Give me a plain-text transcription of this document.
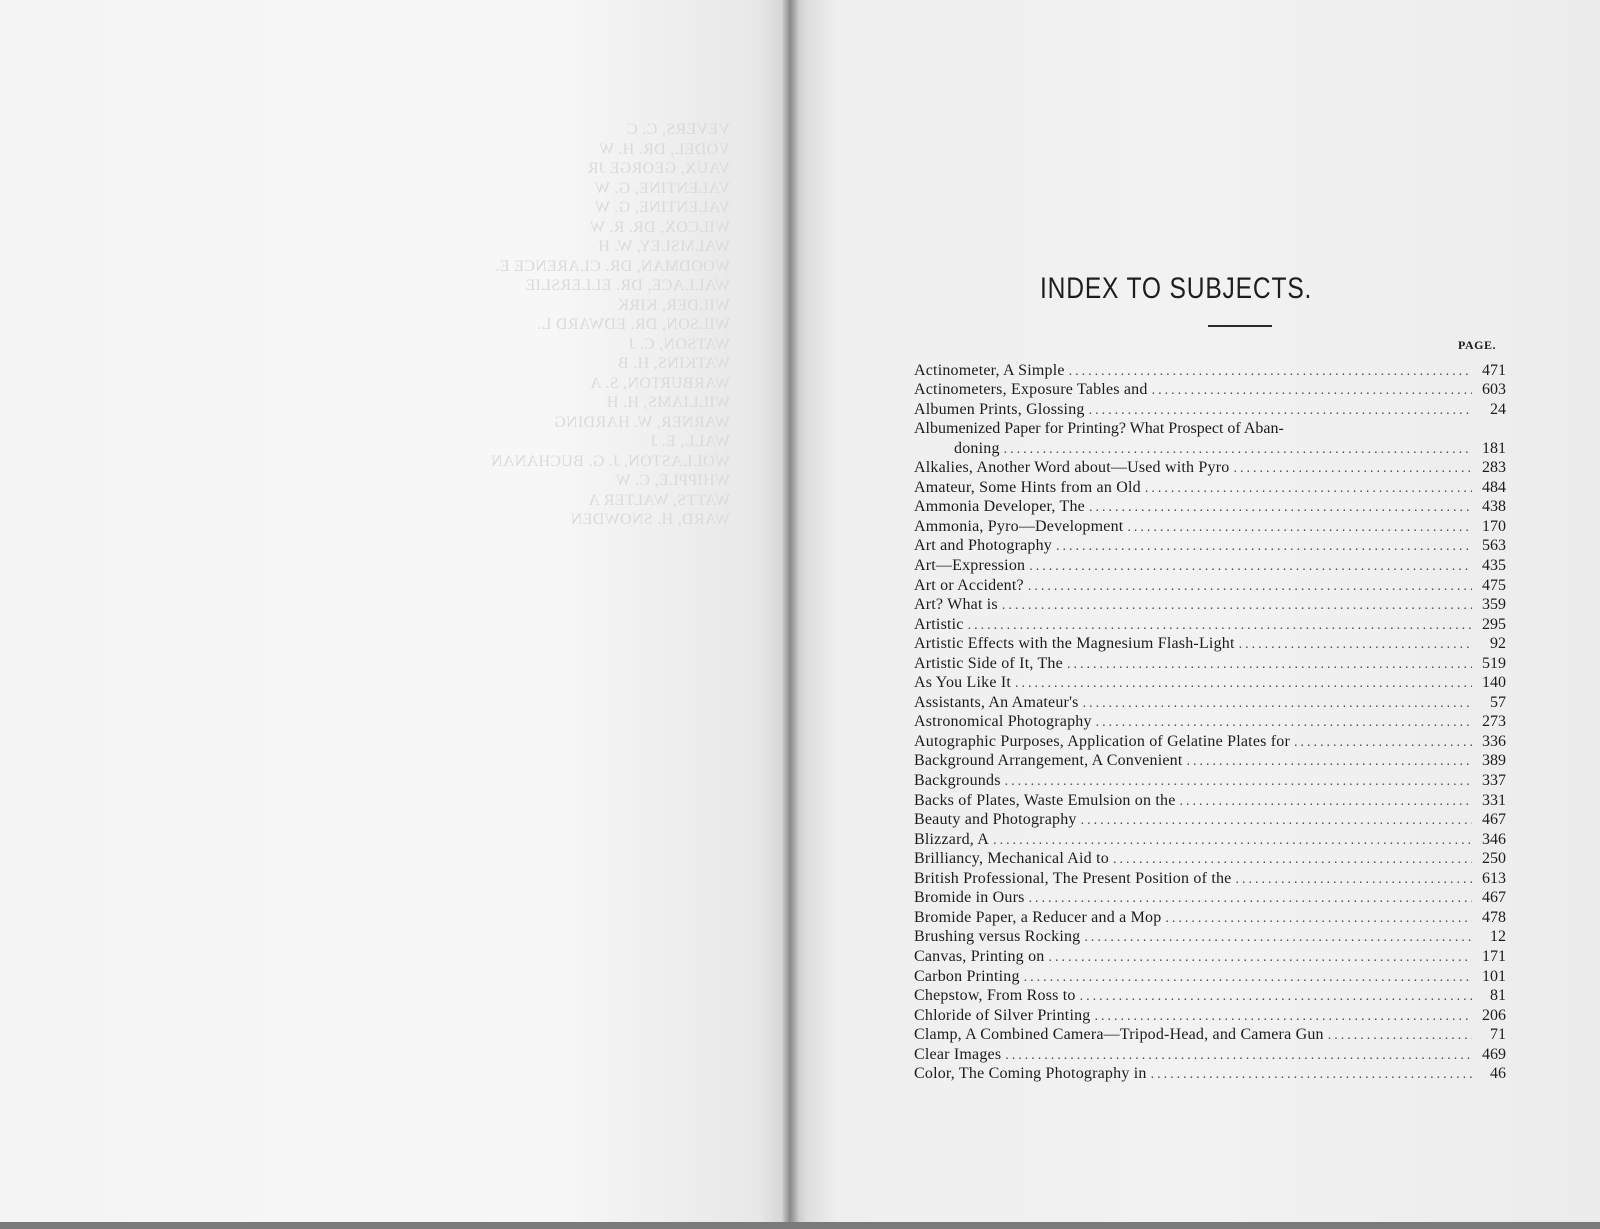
VEVERS, C. C
VODEL, DR. H. W
VAUX, GEORGE JR
VALENTINE, G. W
VALENTINE, G. W
WILCOX, DR. R. W
WALMSLEY, W. H
WOODMAN, DR. CLARENCE E.
WALLACE, DR. ELLERSLIE
WILDER, KIRK
WILSON, DR. EDWARD L.
WATSON, C. J
WATKINS, H. B
WARBURTON, S. A
WILLIAMS, H. H
WARNER, W. HARDING
WALL, E. J
WOLLASTON, J. G. BUCHANAN
WHIPPLE, C. W
WATTS, WALTER A
WARD, H. SNOWDEN
INDEX TO SUBJECTS.
PAGE.
Actinometer, A Simple .....	471
Actinometers, Exposure Tables and .....	603
Albumen Prints, Glossing .....	24
Albumenized Paper for Printing? What Prospect of Aban-
doning .....	181
Alkalies, Another Word about—Used with Pyro .....	283
Amateur, Some Hints from an Old .....	484
Ammonia Developer, The .....	438
Ammonia, Pyro—Development .....	170
Art and Photography .....	563
Art—Expression .....	435
Art or Accident? .....	475
Art? What is .....	359
Artistic .....	295
Artistic Effects with the Magnesium Flash-Light .....	92
Artistic Side of It, The .....	519
As You Like It .....	140
Assistants, An Amateur's .....	57
Astronomical Photography .....	273
Autographic Purposes, Application of Gelatine Plates for .....	336
Background Arrangement, A Convenient .....	389
Backgrounds .....	337
Backs of Plates, Waste Emulsion on the .....	331
Beauty and Photography .....	467
Blizzard, A .....	346
Brilliancy, Mechanical Aid to .....	250
British Professional, The Present Position of the .....	613
Bromide in Ours .....	467
Bromide Paper, a Reducer and a Mop .....	478
Brushing versus Rocking .....	12
Canvas, Printing on .....	171
Carbon Printing .....	101
Chepstow, From Ross to .....	81
Chloride of Silver Printing .....	206
Clamp, A Combined Camera—Tripod-Head, and Camera Gun .....	71
Clear Images .....	469
Color, The Coming Photography in .....	46
